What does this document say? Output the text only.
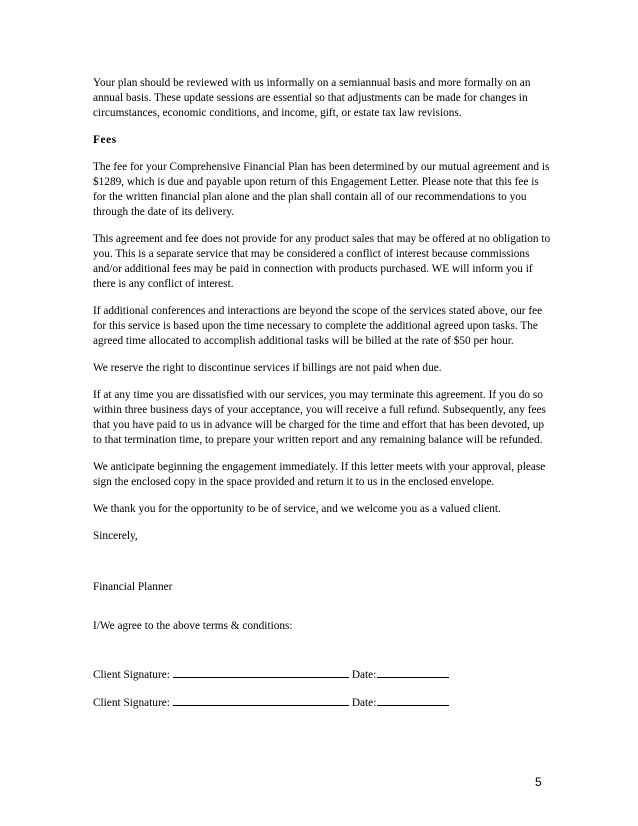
Your plan should be reviewed with us informally on a semiannual basis and more formally on an annual basis. These update sessions are essential so that adjustments can be made for changes in circumstances, economic conditions, and income, gift, or estate tax law revisions.

Fees

The fee for your Comprehensive Financial Plan has been determined by our mutual agreement and is $1289, which is due and payable upon return of this Engagement Letter. Please note that this fee is for the written financial plan alone and the plan shall contain all of our recommendations to you through the date of its delivery.

This agreement and fee does not provide for any product sales that may be offered at no obligation to you. This is a separate service that may be considered a conflict of interest because commissions and/or additional fees may be paid in connection with products purchased. WE will inform you if there is any conflict of interest.

If additional conferences and interactions are beyond the scope of the services stated above, our fee for this service is based upon the time necessary to complete the additional agreed upon tasks. The agreed time allocated to accomplish additional tasks will be billed at the rate of $50 per hour.

We reserve the right to discontinue services if billings are not paid when due.

If at any time you are dissatisfied with our services, you may terminate this agreement. If you do so within three business days of your acceptance, you will receive a full refund. Subsequently, any fees that you have paid to us in advance will be charged for the time and effort that has been devoted, up to that termination time, to prepare your written report and any remaining balance will be refunded.

We anticipate beginning the engagement immediately. If this letter meets with your approval, please sign the enclosed copy in the space provided and return it to us in the enclosed envelope.

We thank you for the opportunity to be of service, and we welcome you as a valued client.

Sincerely,

Financial Planner

I/We agree to the above terms & conditions:

Client Signature:	Date:
Client Signature:	Date:
5
